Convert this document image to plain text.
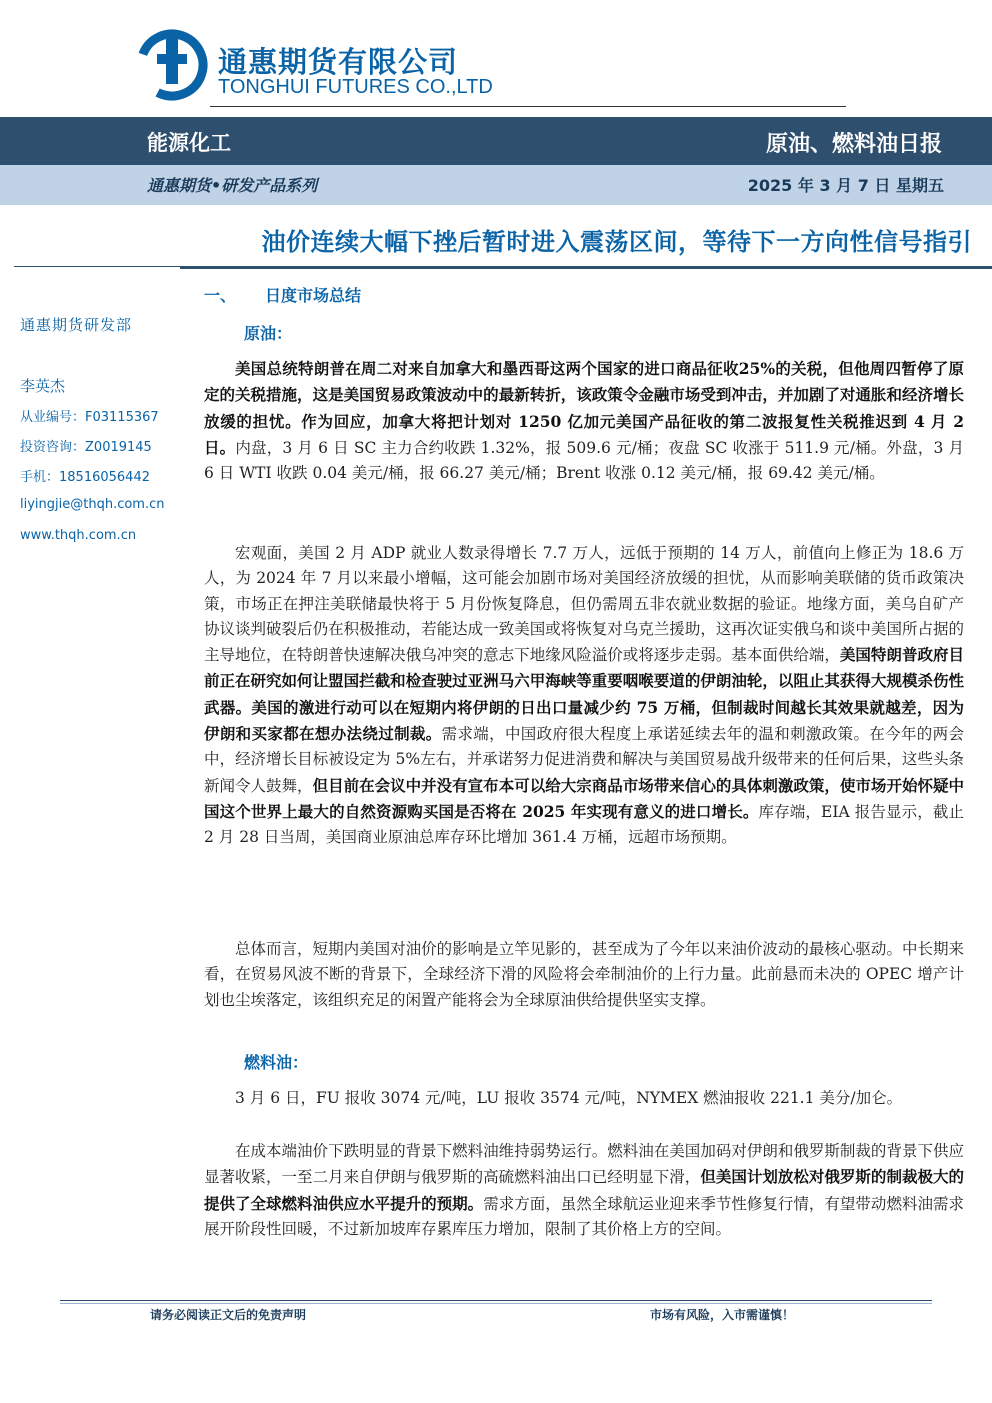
通惠期货有限公司
TONGHUI FUTURES CO.,LTD
能源化工	原油、燃料油日报
通惠期货•研发产品系列	2025 年 3 月 7 日 星期五
油价连续大幅下挫后暂时进入震荡区间，等待下一方向性信号指引
通惠期货研发部
李英杰
从业编号：F03115367
投资咨询：Z0019145
手机：18516056442
liyingjie@thqh.com.cn
www.thqh.com.cn
一、 日度市场总结
原油：

美国总统特朗普在周二对来自加拿大和墨西哥这两个国家的进口商品征收25%的关税，但他周四暂停了原定的关税措施，这是美国贸易政策波动中的最新转折，该政策令金融市场受到冲击，并加剧了对通胀和经济增长放缓的担忧。作为回应，加拿大将把计划对 1250 亿加元美国产品征收的第二波报复性关税推迟到 4 月 2 日。内盘，3 月 6 日 SC 主力合约收跌 1.32%，报 509.6 元/桶；夜盘 SC 收涨于 511.9 元/桶。外盘，3 月 6 日 WTI 收跌 0.04 美元/桶，报 66.27 美元/桶；Brent 收涨 0.12 美元/桶，报 69.42 美元/桶。

宏观面，美国 2 月 ADP 就业人数录得增长 7.7 万人，远低于预期的 14 万人，前值向上修正为 18.6 万人，为 2024 年 7 月以来最小增幅，这可能会加剧市场对美国经济放缓的担忧，从而影响美联储的货币政策决策，市场正在押注美联储最快将于 5 月份恢复降息，但仍需周五非农就业数据的验证。地缘方面，美乌自矿产协议谈判破裂后仍在积极推动，若能达成一致美国或将恢复对乌克兰援助，这再次证实俄乌和谈中美国所占据的主导地位，在特朗普快速解决俄乌冲突的意志下地缘风险溢价或将逐步走弱。基本面供给端，美国特朗普政府目前正在研究如何让盟国拦截和检查驶过亚洲马六甲海峡等重要咽喉要道的伊朗油轮，以阻止其获得大规模杀伤性武器。美国的激进行动可以在短期内将伊朗的日出口量减少约 75 万桶，但制裁时间越长其效果就越差，因为伊朗和买家都在想办法绕过制裁。需求端，中国政府很大程度上承诺延续去年的温和刺激政策。在今年的两会中，经济增长目标被设定为 5%左右，并承诺努力促进消费和解决与美国贸易战升级带来的任何后果，这些头条新闻令人鼓舞，但目前在会议中并没有宣布本可以给大宗商品市场带来信心的具体刺激政策，使市场开始怀疑中国这个世界上最大的自然资源购买国是否将在 2025 年实现有意义的进口增长。库存端，EIA 报告显示，截止 2 月 28 日当周，美国商业原油总库存环比增加 361.4 万桶，远超市场预期。

总体而言，短期内美国对油价的影响是立竿见影的，甚至成为了今年以来油价波动的最核心驱动。中长期来看，在贸易风波不断的背景下，全球经济下滑的风险将会牵制油价的上行力量。此前悬而未决的 OPEC 增产计划也尘埃落定，该组织充足的闲置产能将会为全球原油供给提供坚实支撑。

燃料油：

3 月 6 日，FU 报收 3074 元/吨，LU 报收 3574 元/吨，NYMEX 燃油报收 221.1 美分/加仑。

在成本端油价下跌明显的背景下燃料油维持弱势运行。燃料油在美国加码对伊朗和俄罗斯制裁的背景下供应显著收紧，一至二月来自伊朗与俄罗斯的高硫燃料油出口已经明显下滑，但美国计划放松对俄罗斯的制裁极大的提供了全球燃料油供应水平提升的预期。需求方面，虽然全球航运业迎来季节性修复行情，有望带动燃料油需求展开阶段性回暖，不过新加坡库存累库压力增加，限制了其价格上方的空间。

请务必阅读正文后的免责声明	市场有风险，入市需谨慎！
